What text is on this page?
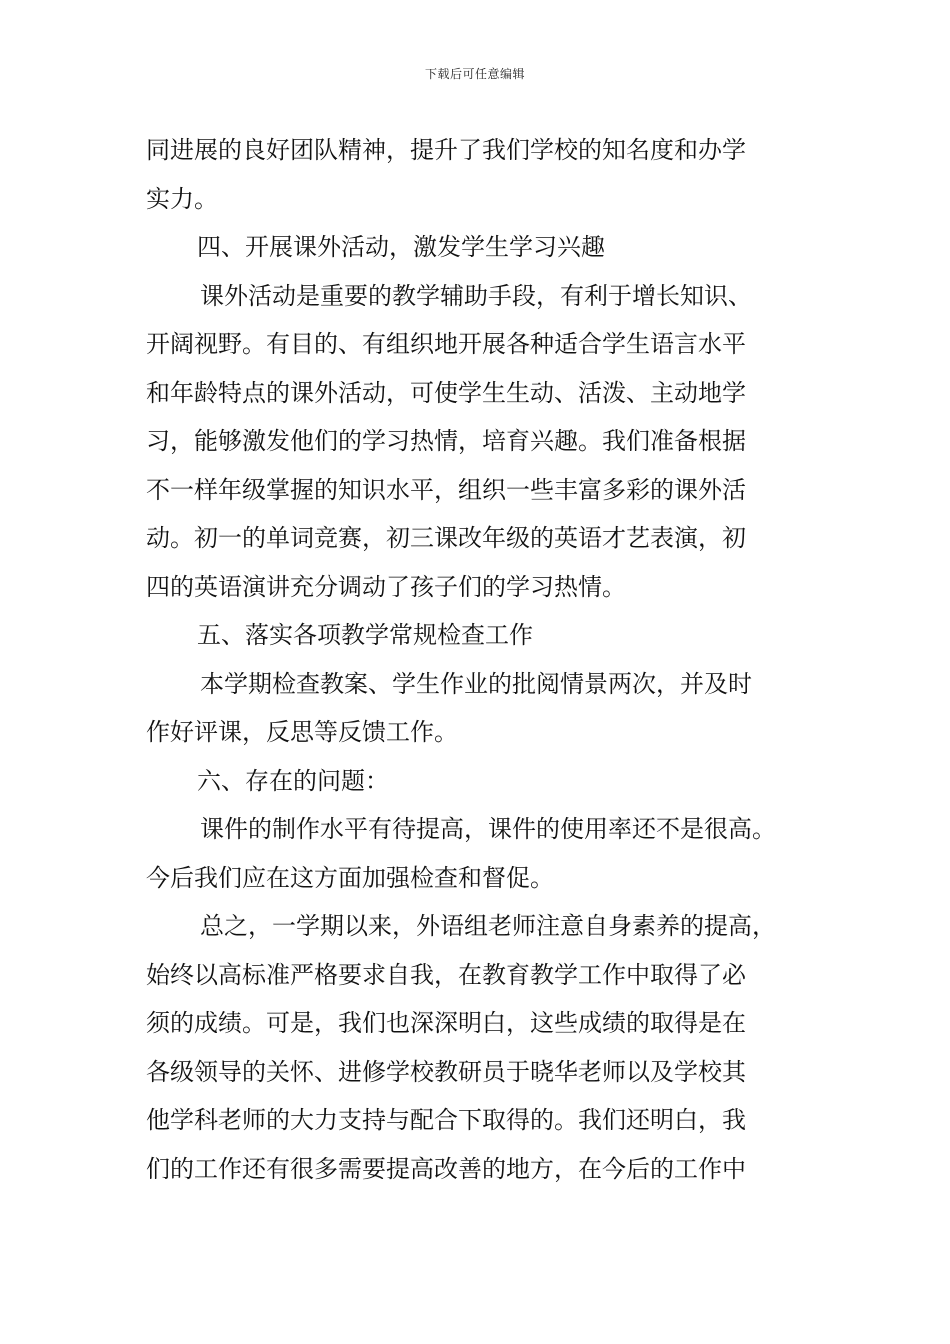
下载后可任意编辑
同进展的良好团队精神，提升了我们学校的知名度和办学
实力。
四、开展课外活动，激发学生学习兴趣
课外活动是重要的教学辅助手段，有利于增长知识、
开阔视野。有目的、有组织地开展各种适合学生语言水平
和年龄特点的课外活动，可使学生生动、活泼、主动地学
习，能够激发他们的学习热情，培育兴趣。我们准备根据
不一样年级掌握的知识水平，组织一些丰富多彩的课外活
动。初一的单词竞赛，初三课改年级的英语才艺表演，初
四的英语演讲充分调动了孩子们的学习热情。
五、落实各项教学常规检查工作
本学期检查教案、学生作业的批阅情景两次，并及时
作好评课，反思等反馈工作。
六、存在的问题：
课件的制作水平有待提高，课件的使用率还不是很高。
今后我们应在这方面加强检查和督促。
总之，一学期以来，外语组老师注意自身素养的提高，
始终以高标准严格要求自我，在教育教学工作中取得了必
须的成绩。可是，我们也深深明白，这些成绩的取得是在
各级领导的关怀、进修学校教研员于晓华老师以及学校其
他学科老师的大力支持与配合下取得的。我们还明白，我
们的工作还有很多需要提高改善的地方，在今后的工作中
